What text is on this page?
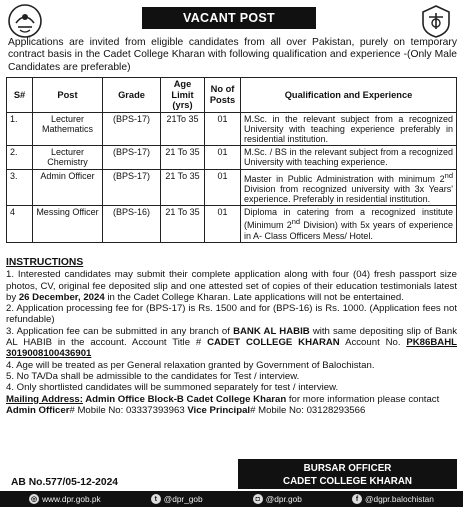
VACANT POST
Applications are invited from eligible candidates from all over Pakistan, purely on temporary contract basis in the Cadet College Kharan with following qualification and experience -(Only Male Candidates are preferable)
S#	Post	Grade	Age Limit (yrs)	No of Posts	Qualification and Experience
1.	Lecturer Mathematics	(BPS-17)	21To 35	01	M.Sc. in the relevant subject from a recognized University with teaching experience preferably in residential institution.
2.	Lecturer Chemistry	(BPS-17)	21 To 35	01	M.Sc. / BS in the relevant subject from a recognized University with teaching experience.
3.	Admin Officer	(BPS-17)	21 To 35	01	Master in Public Administration with minimum 2nd Division from recognized university with 3x Years' experience. Preferably in residential institution.
4	Messing Officer	(BPS-16)	21 To 35	01	Diploma in catering from a recognized institute (Minimum 2nd Division) with 5x years of experience in A- Class Officers Mess/ Hotel.
INSTRUCTIONS

1. Interested candidates may submit their complete application along with four (04) fresh passport size photos, CV, original fee deposited slip and one attested set of copies of their education testimonials latest by 26 December, 2024 in the Cadet College Kharan. Late applications will not be entertained.

2. Application processing fee for (BPS-17) is Rs. 1500 and for (BPS-16) is Rs. 1000. (Application fees not refundable)

3. Application fee can be submitted in any branch of BANK AL HABIB with same depositing slip of Bank AL HABIB in the account. Account Title # CADET COLLEGE KHARAN Account No. PK86BAHL 3019008100436901

4. Age will be treated as per General relaxation granted by Government of Balochistan.

5. No TA/Da shall be admissible to the candidates for Test / interview.

4. Only shortlisted candidates will be summoned separately for test / interview.

Mailing Address: Admin Office Block-B Cadet College Kharan for more information please contact

Admin Officer# Mobile No: 03337393963 Vice Principal# Mobile No: 03128293566

AB No.577/05-12-2024
BURSAR OFFICER
CADET COLLEGE KHARAN
◎ www.dpr.gob.pk	t @dpr_gob	◘ @dpr.gob	f @dgpr.balochistan
